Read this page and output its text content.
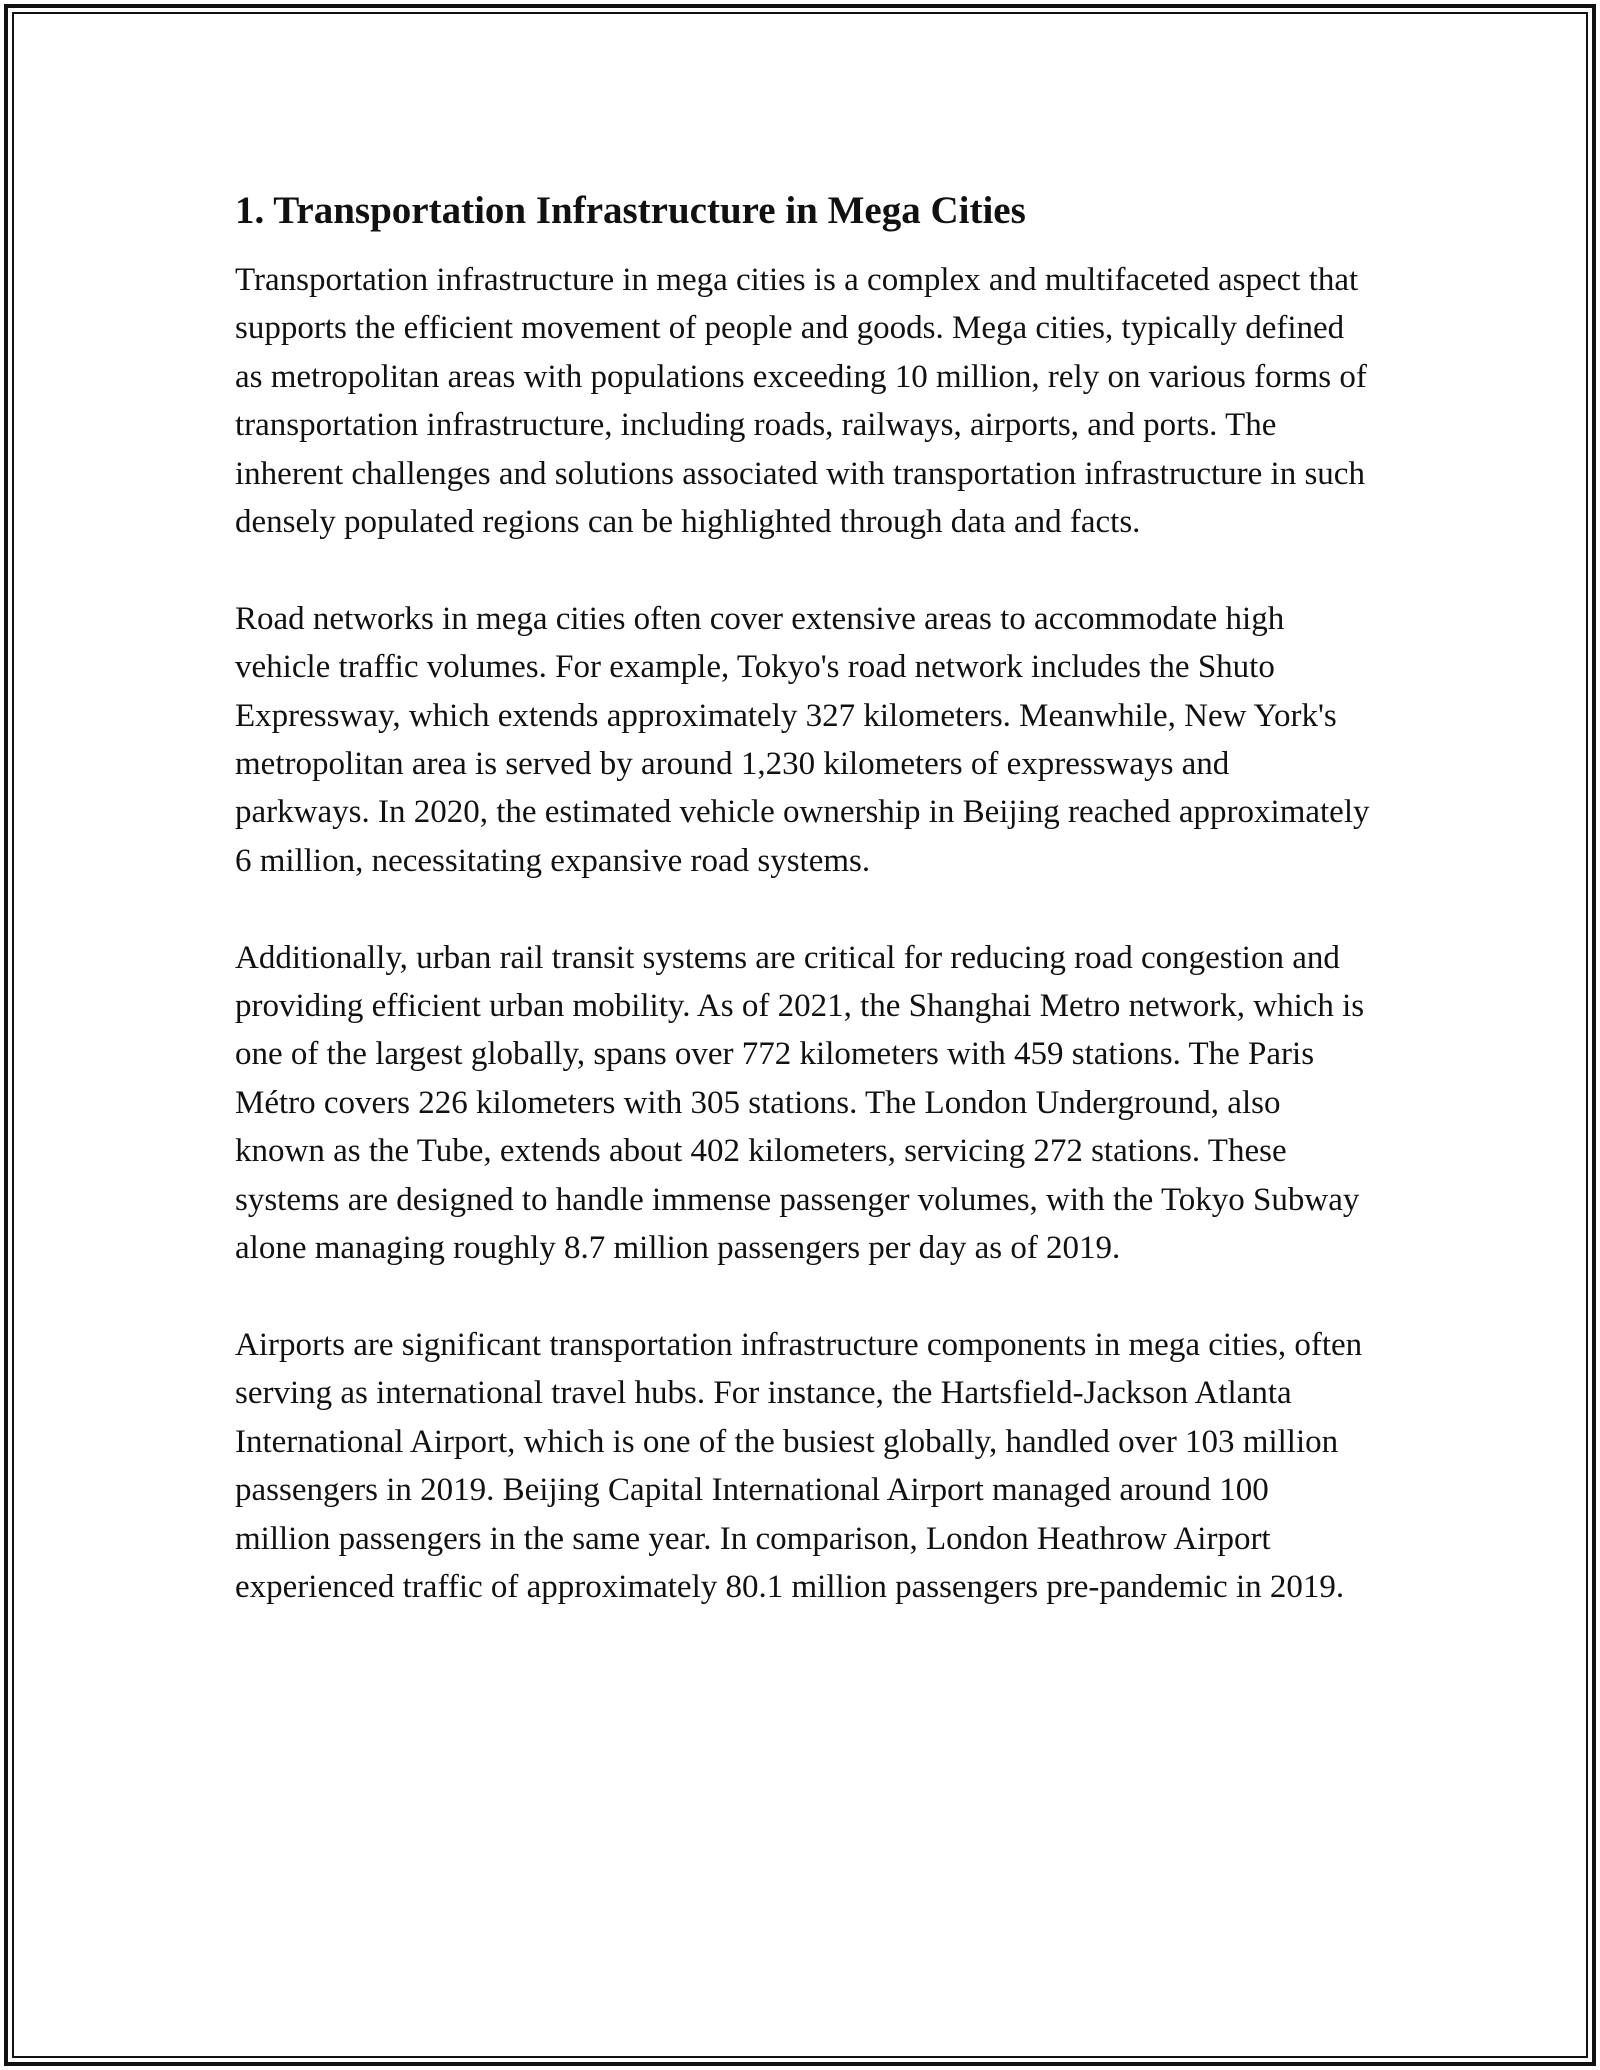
1. Transportation Infrastructure in Mega Cities

Transportation infrastructure in mega cities is a complex and multifaceted aspect that supports the efficient movement of people and goods. Mega cities, typically defined as metropolitan areas with populations exceeding 10 million, rely on various forms of transportation infrastructure, including roads, railways, airports, and ports. The inherent challenges and solutions associated with transportation infrastructure in such densely populated regions can be highlighted through data and facts.

Road networks in mega cities often cover extensive areas to accommodate high vehicle traffic volumes. For example, Tokyo's road network includes the Shuto Expressway, which extends approximately 327 kilometers. Meanwhile, New York's metropolitan area is served by around 1,230 kilometers of expressways and parkways. In 2020, the estimated vehicle ownership in Beijing reached approximately 6 million, necessitating expansive road systems.

Additionally, urban rail transit systems are critical for reducing road congestion and providing efficient urban mobility. As of 2021, the Shanghai Metro network, which is one of the largest globally, spans over 772 kilometers with 459 stations. The Paris Métro covers 226 kilometers with 305 stations. The London Underground, also known as the Tube, extends about 402 kilometers, servicing 272 stations. These systems are designed to handle immense passenger volumes, with the Tokyo Subway alone managing roughly 8.7 million passengers per day as of 2019.

Airports are significant transportation infrastructure components in mega cities, often serving as international travel hubs. For instance, the Hartsfield-Jackson Atlanta International Airport, which is one of the busiest globally, handled over 103 million passengers in 2019. Beijing Capital International Airport managed around 100 million passengers in the same year. In comparison, London Heathrow Airport experienced traffic of approximately 80.1 million passengers pre-pandemic in 2019.
